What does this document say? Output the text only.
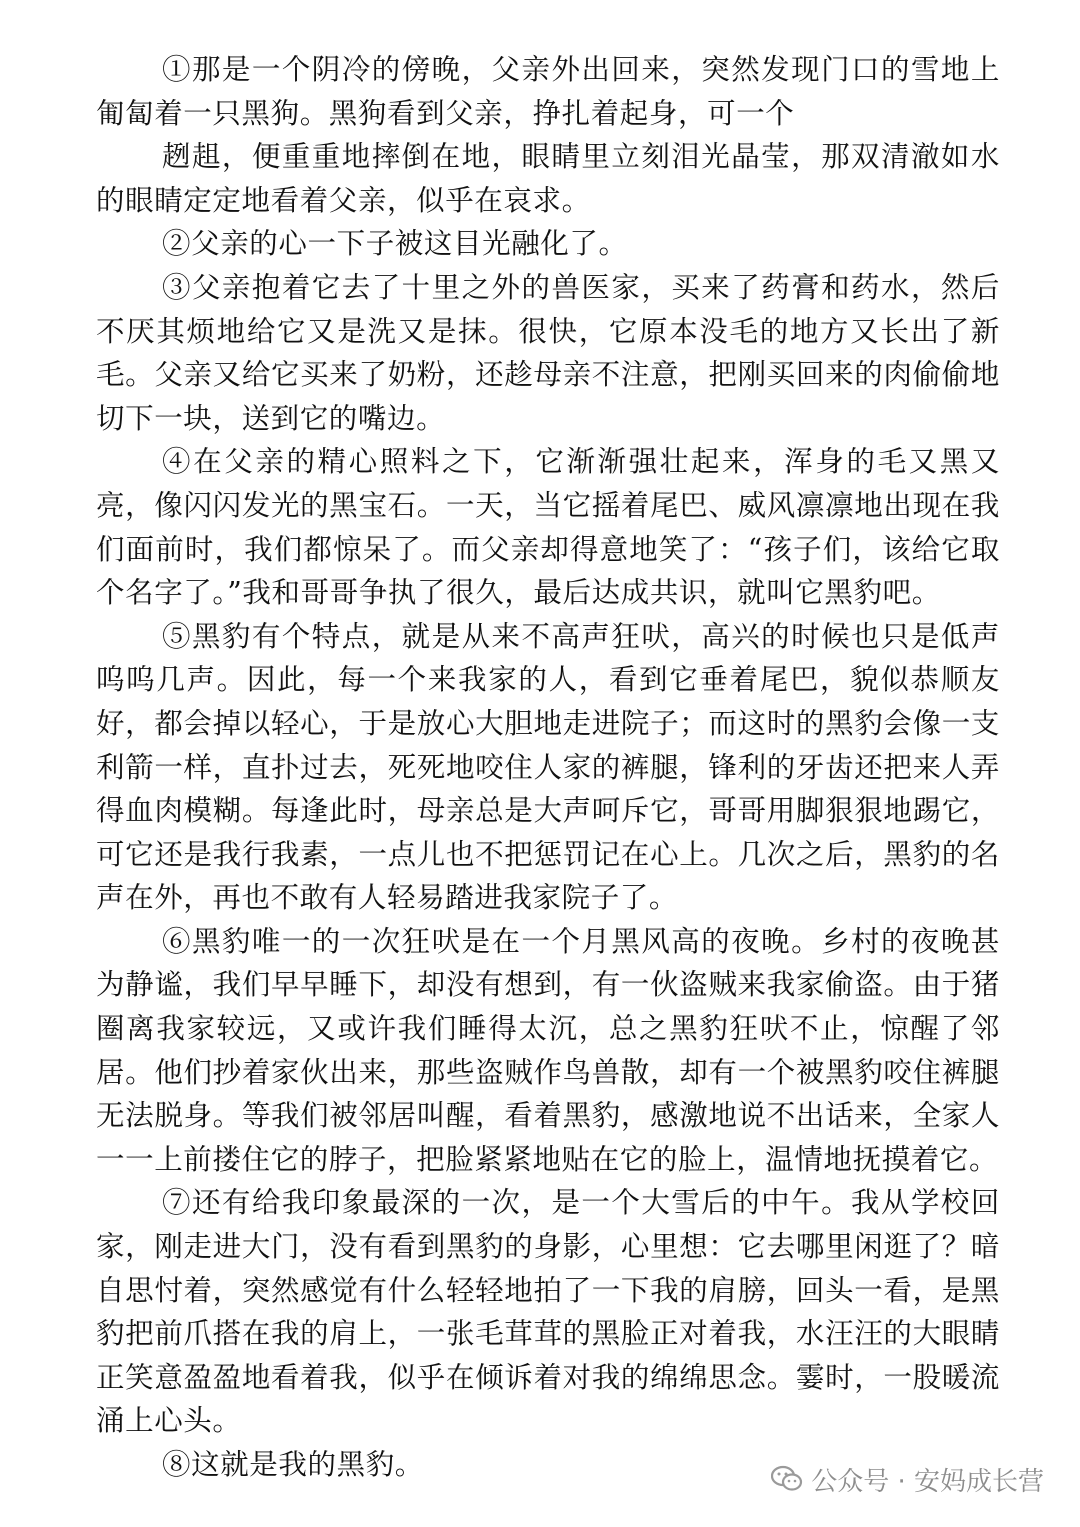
①那是一个阴冷的傍晚，父亲外出回来，突然发现门口的雪地上匍匐着一只黑狗。黑狗看到父亲，挣扎着起身，可一个

趔趄，便重重地摔倒在地，眼睛里立刻泪光晶莹，那双清澈如水的眼睛定定地看着父亲，似乎在哀求。

②父亲的心一下子被这目光融化了。

③父亲抱着它去了十里之外的兽医家，买来了药膏和药水，然后不厌其烦地给它又是洗又是抹。很快，它原本没毛的地方又长出了新毛。父亲又给它买来了奶粉，还趁母亲不注意，把刚买回来的肉偷偷地切下一块，送到它的嘴边。

④在父亲的精心照料之下，它渐渐强壮起来，浑身的毛又黑又亮，像闪闪发光的黑宝石。一天，当它摇着尾巴、威风凛凛地出现在我们面前时，我们都惊呆了。而父亲却得意地笑了：“孩子们，该给它取个名字了。”我和哥哥争执了很久，最后达成共识，就叫它黑豹吧。

⑤黑豹有个特点，就是从来不高声狂吠，高兴的时候也只是低声呜呜几声。因此，每一个来我家的人，看到它垂着尾巴，貌似恭顺友好，都会掉以轻心，于是放心大胆地走进院子；而这时的黑豹会像一支利箭一样，直扑过去，死死地咬住人家的裤腿，锋利的牙齿还把来人弄得血肉模糊。每逢此时，母亲总是大声呵斥它，哥哥用脚狠狠地踢它，可它还是我行我素，一点儿也不把惩罚记在心上。几次之后，黑豹的名声在外，再也不敢有人轻易踏进我家院子了。

⑥黑豹唯一的一次狂吠是在一个月黑风高的夜晚。乡村的夜晚甚为静谧，我们早早睡下，却没有想到，有一伙盗贼来我家偷盗。由于猪圈离我家较远，又或许我们睡得太沉，总之黑豹狂吠不止，惊醒了邻居。他们抄着家伙出来，那些盗贼作鸟兽散，却有一个被黑豹咬住裤腿无法脱身。等我们被邻居叫醒，看着黑豹，感激地说不出话来，全家人一一上前搂住它的脖子，把脸紧紧地贴在它的脸上，温情地抚摸着它。

⑦还有给我印象最深的一次，是一个大雪后的中午。我从学校回家，刚走进大门，没有看到黑豹的身影，心里想：它去哪里闲逛了？暗自思忖着，突然感觉有什么轻轻地拍了一下我的肩膀，回头一看，是黑豹把前爪搭在我的肩上，一张毛茸茸的黑脸正对着我，水汪汪的大眼睛正笑意盈盈地看着我，似乎在倾诉着对我的绵绵思念。霎时，一股暖流涌上心头。

⑧这就是我的黑豹。

公众号 · 安妈成长营
